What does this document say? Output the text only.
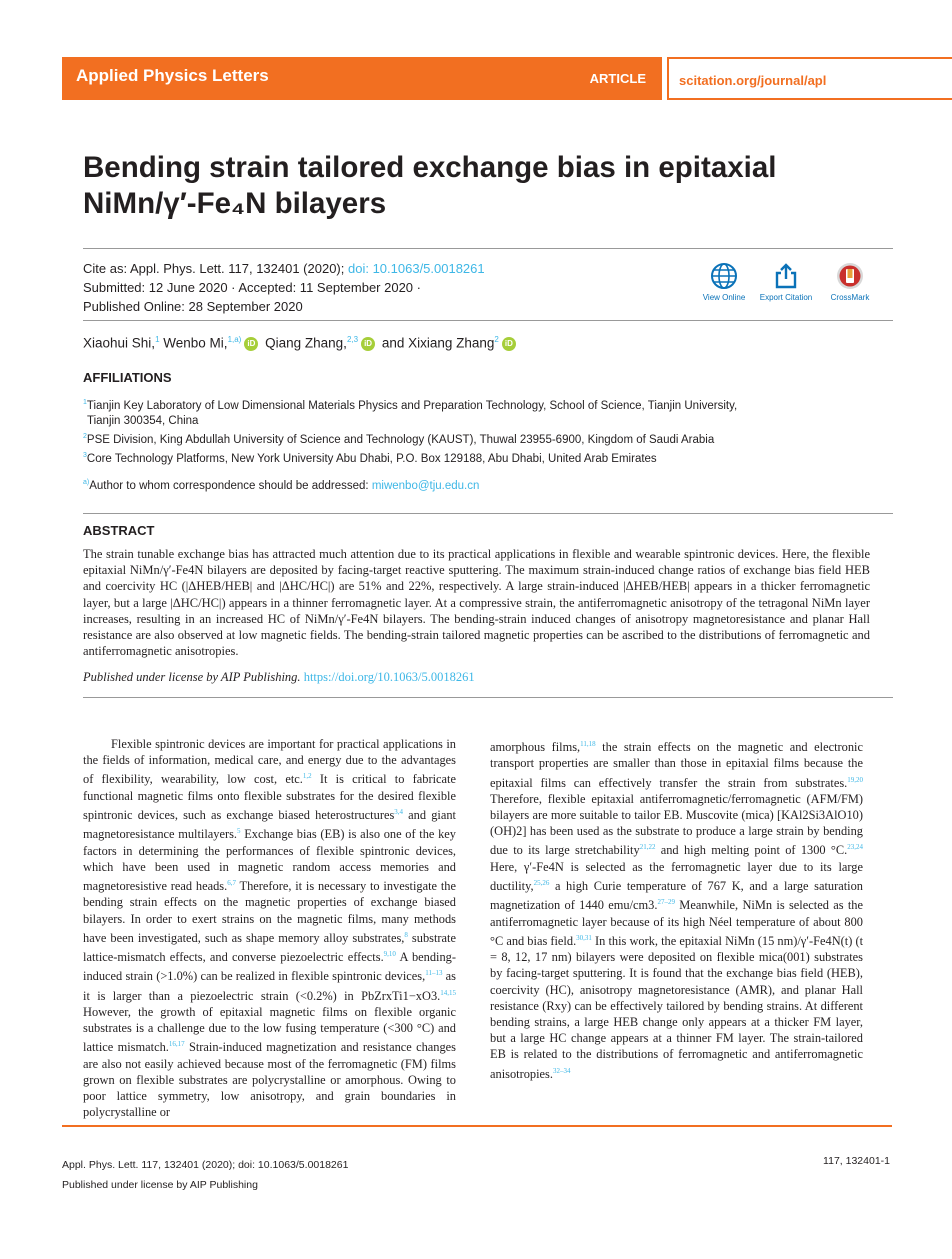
Applied Physics Letters	ARTICLE	scitation.org/journal/apl
Bending strain tailored exchange bias in epitaxial
NiMn/γ′-Fe₄N bilayers
Cite as: Appl. Phys. Lett. 117, 132401 (2020); doi: 10.1063/5.0018261
Submitted: 12 June 2020 · Accepted: 11 September 2020 ·
Published Online: 28 September 2020
View Online	Export Citation	CrossMark
Xiaohui Shi,$^1$ Wenbo Mi,$^{1,a)}$ iD Qiang Zhang,$^{2,3}$ iD and Xixiang Zhang$^2$ iD
AFFILIATIONS
$^1$Tianjin Key Laboratory of Low Dimensional Materials Physics and Preparation Technology, School of Science, Tianjin University,
Tianjin 300354, China
$^2$PSE Division, King Abdullah University of Science and Technology (KAUST), Thuwal 23955-6900, Kingdom of Saudi Arabia
$^3$Core Technology Platforms, New York University Abu Dhabi, P.O. Box 129188, Abu Dhabi, United Arab Emirates
$^{a)}$Author to whom correspondence should be addressed: miwenbo@tju.edu.cn
ABSTRACT
The strain tunable exchange bias has attracted much attention due to its practical applications in flexible and wearable spintronic devices. Here, the flexible epitaxial NiMn/γ′-Fe4N bilayers are deposited by facing-target reactive sputtering. The maximum strain-induced change ratios of exchange bias field HEB and coercivity HC (|ΔHEB/HEB| and |ΔHC/HC|) are 51% and 22%, respectively. A large strain-induced |ΔHEB/HEB| appears in a thicker ferromagnetic layer, but a large |ΔHC/HC|) appears in a thinner ferromagnetic layer. At a compressive strain, the antiferromagnetic anisotropy of the tetragonal NiMn layer increases, resulting in an increased HC of NiMn/γ′-Fe4N bilayers. The bending-strain induced changes of anisotropy magnetoresistance and planar Hall resistance are also observed at low magnetic fields. The bending-strain tailored magnetic properties can be ascribed to the distributions of ferromagnetic and antiferromagnetic anisotropies.
Published under license by AIP Publishing. https://doi.org/10.1063/5.0018261
Flexible spintronic devices are important for practical applications in the fields of information, medical care, and energy due to the advantages of flexibility, wearability, low cost, etc.$^{1,2}$ It is critical to fabricate functional magnetic films onto flexible substrates for the desired flexible spintronic devices, such as exchange biased heterostructures$^{3,4}$ and giant magnetoresistance multilayers.$^5$ Exchange bias (EB) is also one of the key factors in determining the performances of flexible spintronic devices, which have been used in magnetic random access memories and magnetoresistive read heads.$^{6,7}$ Therefore, it is necessary to investigate the bending strain effects on the magnetic properties of exchange biased bilayers. In order to exert strains on the magnetic films, many methods have been investigated, such as shape memory alloy substrates,$^8$ substrate lattice-mismatch effects, and converse piezoelectric effects.$^{9,10}$ A bending-induced strain (>1.0%) can be realized in flexible spintronic devices,$^{11-13}$ as it is larger than a piezoelectric strain (<0.2%) in PbZrxTi1−xO3.$^{14,15}$ However, the growth of epitaxial magnetic films on flexible organic substrates is a challenge due to the low fusing temperature (<300 °C) and lattice mismatch.$^{16,17}$ Strain-induced magnetization and resistance changes are also not easily achieved because most of the ferromagnetic (FM) films grown on flexible substrates are polycrystalline or amorphous. Owing to poor lattice symmetry, low anisotropy, and grain boundaries in polycrystalline or
amorphous films,$^{11,18}$ the strain effects on the magnetic and electronic transport properties are smaller than those in epitaxial films because the epitaxial films can effectively transfer the strain from substrates.$^{19,20}$ Therefore, flexible epitaxial antiferromagnetic/ferromagnetic (AFM/FM) bilayers are more suitable to tailor EB. Muscovite (mica) [KAl2Si3AlO10)(OH)2] has been used as the substrate to produce a large strain by bending due to its large stretchability$^{21,22}$ and high melting point of 1300 °C.$^{23,24}$ Here, γ′-Fe4N is selected as the ferromagnetic layer due to its large ductility,$^{25,26}$ a high Curie temperature of 767 K, and a large saturation magnetization of 1440 emu/cm3.$^{27-29}$ Meanwhile, NiMn is selected as the antiferromagnetic layer because of its high Néel temperature of about 800 °C and bias field.$^{30,31}$ In this work, the epitaxial NiMn (15 nm)/γ′-Fe4N(t) (t = 8, 12, 17 nm) bilayers were deposited on flexible mica(001) substrates by facing-target sputtering. It is found that the exchange bias field (HEB), coercivity (HC), anisotropy magnetoresistance (AMR), and planar Hall resistance (Rxy) can be effectively tailored by bending strains. At different bending strains, a large HEB change only appears at a thicker FM layer, but a large HC change appears at a thinner FM layer. The strain-tailored EB is related to the distributions of ferromagnetic and antiferromagnetic anisotropies.$^{32-34}$
Appl. Phys. Lett. 117, 132401 (2020); doi: 10.1063/5.0018261
Published under license by AIP Publishing
117, 132401-1
